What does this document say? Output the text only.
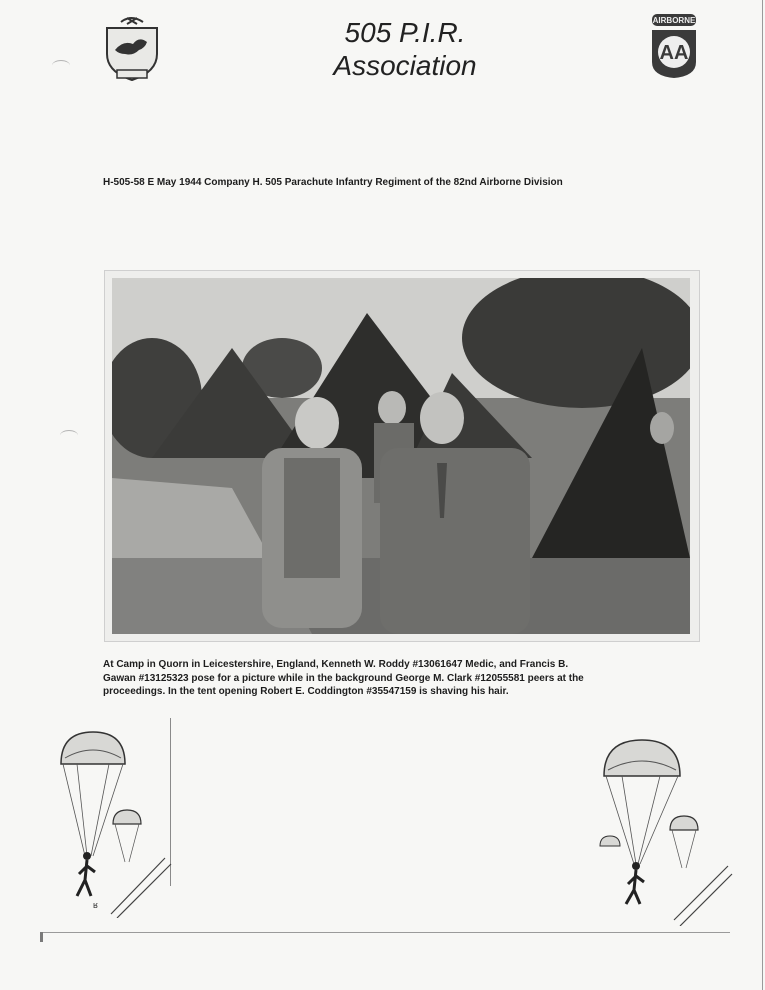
505 P.I.R.
Association
AIRBORNE
AA
H-505-58 E May 1944 Company H. 505 Parachute Infantry Regiment of the 82nd Airborne Division
At Camp in Quorn in Leicestershire, England, Kenneth W. Roddy #13061647 Medic, and Francis B.
Gawan #13125323 pose for a picture while in the background George M. Clark #12055581 peers at the
proceedings. In the tent opening Robert E. Coddington #35547159 is shaving his hair.
ʁ
